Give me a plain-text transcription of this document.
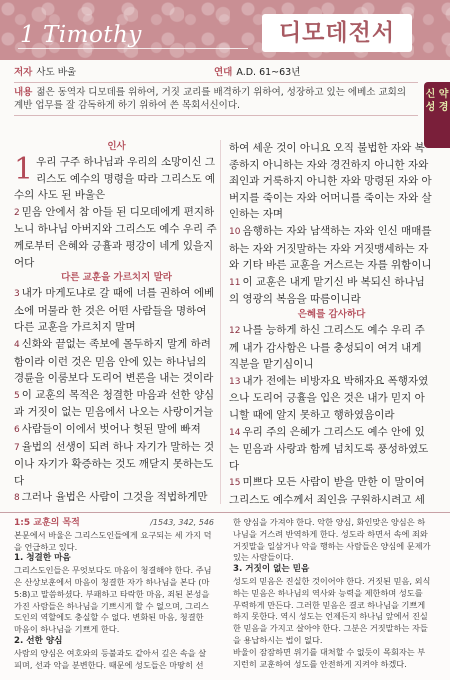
1 Timothy	디모데전서
신 약 성 경
저자 사도 바울	연대 A.D. 61~63년
내용 젊은 동역자 디모데를 위하여, 거짓 교리를 배격하기 위하여, 성장하고 있는 에베소 교회의 계반 업무를 잘 감독하게 하기 위하여 쓴 목회서신이다.
인사
1 우리 구주 하나님과 우리의 소망이신 그리스도 예수의 명령을 따라 그리스도 예수의 사도 된 바울은
2 믿음 안에서 참 아들 된 디모데에게 편지하노니 하나님 아버지와 그리스도 예수 우리 주께로부터 은혜와 긍휼과 평강이 네게 있을지어다
다른 교훈을 가르치지 말라
3 내가 마게도냐로 갈 때에 너를 권하여 에베소에 머물라 한 것은 어떤 사람들을 명하여 다른 교훈을 가르치지 말며
4 신화와 끝없는 족보에 몰두하지 말게 하려 함이라 이런 것은 믿음 안에 있는 하나님의 경륜을 이룸보다 도리어 변론을 내는 것이라
5 이 교훈의 목적은 청결한 마음과 선한 양심과 거짓이 없는 믿음에서 나오는 사랑이거늘
6 사람들이 이에서 벗어나 헛된 말에 빠져
7 율법의 선생이 되려 하나 자기가 말하는 것이나 자기가 확증하는 것도 깨닫지 못하는도다
8 그러나 율법은 사람이 그것을 적법하게만
하여 세운 것이 아니요 오직 불법한 자와 복종하지 아니하는 자와 경건하지 아니한 자와 죄인과 거룩하지 아니한 자와 망령된 자와 아버지를 죽이는 자와 어머니를 죽이는 자와 살인하는 자며
10 음행하는 자와 남색하는 자와 인신 매매를 하는 자와 거짓말하는 자와 거짓맹세하는 자와 기타 바른 교훈을 거스르는 자를 위함이니
11 이 교훈은 내게 맡기신 바 복되신 하나님의 영광의 복음을 따름이니라
은혜를 감사하다
12 나를 능하게 하신 그리스도 예수 우리 주께 내가 감사함은 나를 충성되이 여겨 내게 직분을 맡기심이니
13 내가 전에는 비방자요 박해자요 폭행자였으나 도리어 긍휼을 입은 것은 내가 믿지 아니할 때에 알지 못하고 행하였음이라
14 우리 주의 은혜가 그리스도 예수 안에 있는 믿음과 사랑과 함께 넘치도록 풍성하였도다
15 미쁘다 모든 사람이 받을 만한 이 말이여 그리스도 예수께서 죄인을 구원하시려고 세
1:5 교훈의 목적	/1543, 342, 546
본문에서 바울은 그리스도인들에게 요구되는 세 가지 덕을 언급하고 있다.
1. 청결한 마음
그리스도인들은 무엇보다도 마음이 청결해야 한다. 주님은 산상보훈에서 마음이 청결한 자가 하나님을 본다 (마 5:8)고 말씀하셨다. 부패하고 타락한 마음, 죄된 본성을 가진 사람들은 하나님을 기쁘시게 할 수 없으며, 그리스도인의 역할에도 충실할 수 없다. 변화된 마음, 청결한 마음이 하나님을 기쁘게 한다.
2. 선한 양심
사람의 양심은 여호와의 등불과도 같아서 깊은 속을 살피며, 선과 악을 분변한다. 때문에 성도들은 마땅히 선
한 양심을 가져야 한다. 악한 양심, 화인맞은 양심은 하나님을 거스려 반역하게 한다. 성도라 하면서 속에 죄와 거짓말을 일삼거나 악을 행하는 사람들은 양심에 문제가 있는 사람들이다.
3. 거짓이 없는 믿음
성도의 믿음은 진실한 것이어야 한다. 거짓된 믿음, 외식하는 믿음은 하나님의 역사와 능력을 제한하며 성도를 무력하게 만든다. 그러한 믿음은 결코 하나님을 기쁘게 하지 못한다. 역시 성도는 언제든지 하나님 앞에서 진실한 믿음을 가지고 살아야 한다. 그분은 거짓말하는 자들을 용납하시는 법이 없다.
바울이 잠잠하면 위기를 대처할 수 없듯이 목회자는 부지런히 교훈하여 성도를 안전하게 지켜야 하겠다.
